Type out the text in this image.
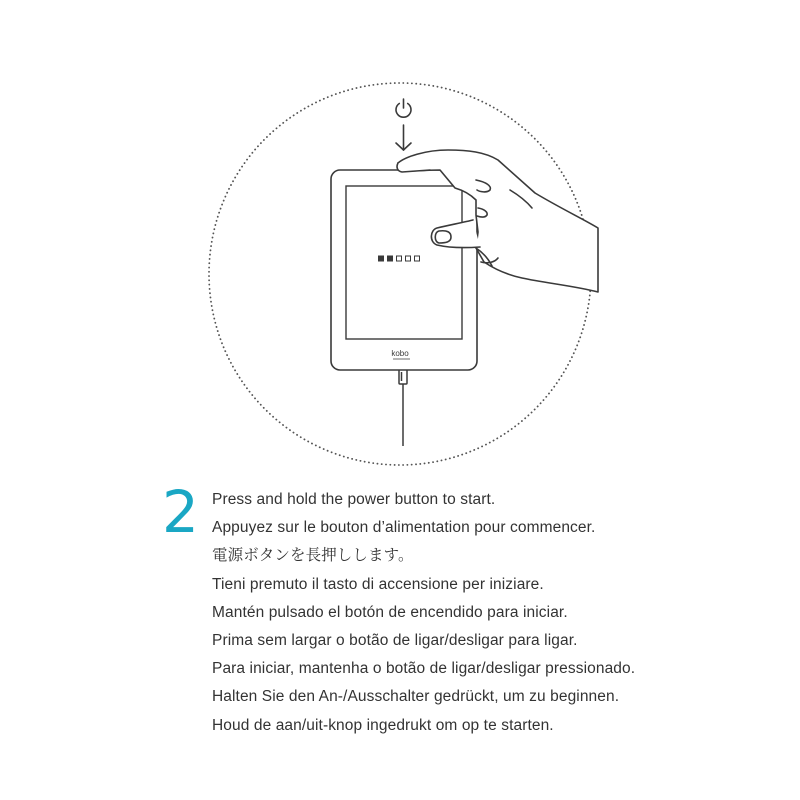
kobo
2 Press and hold the power button to start.
Appuyez sur le bouton d’alimentation pour commencer.
電源ボタンを長押しします。
Tieni premuto il tasto di accensione per iniziare.
Mantén pulsado el botón de encendido para iniciar.
Prima sem largar o botão de ligar/desligar para ligar.
Para iniciar, mantenha o botão de ligar/desligar pressionado.
Halten Sie den An-/Ausschalter gedrückt, um zu beginnen.
Houd de aan/uit-knop ingedrukt om op te starten.
